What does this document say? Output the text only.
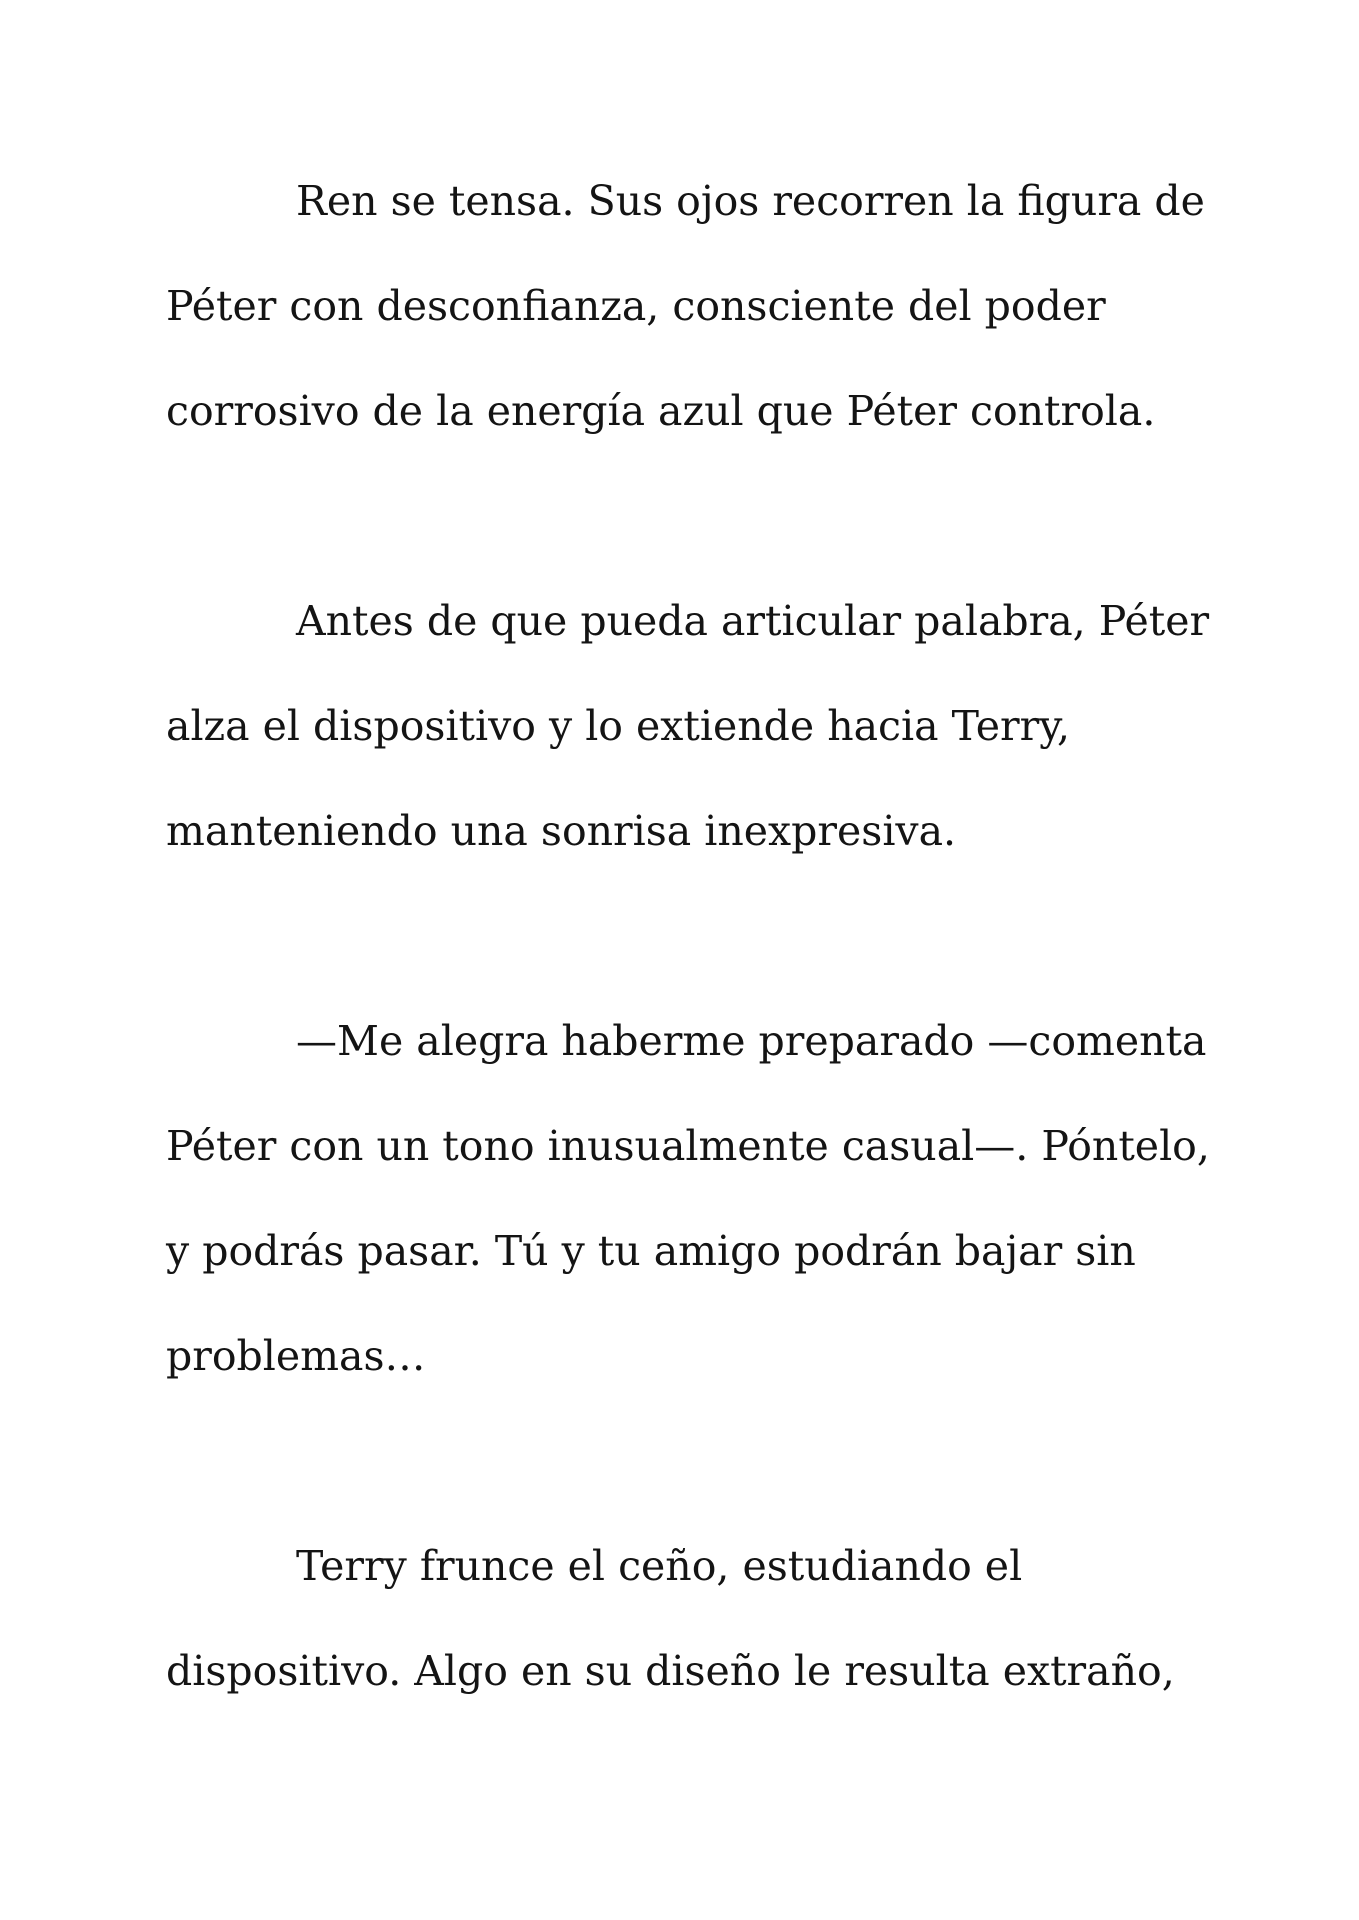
Ren se tensa. Sus ojos recorren la figura de
Péter con desconfianza, consciente del poder
corrosivo de la energía azul que Péter controla.
Antes de que pueda articular palabra, Péter
alza el dispositivo y lo extiende hacia Terry,
manteniendo una sonrisa inexpresiva.
—Me alegra haberme preparado —comenta
Péter con un tono inusualmente casual—. Póntelo,
y podrás pasar. Tú y tu amigo podrán bajar sin
problemas…
Terry frunce el ceño, estudiando el
dispositivo. Algo en su diseño le resulta extraño,
